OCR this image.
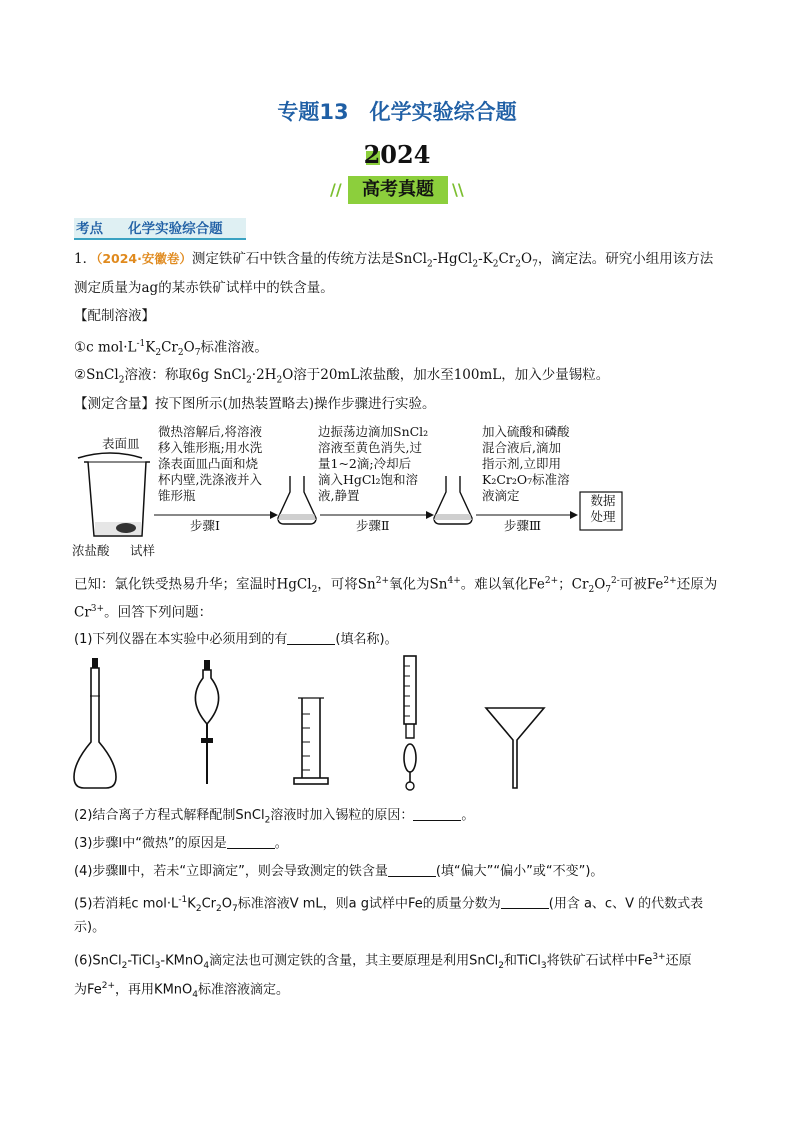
专题13　化学实验综合题
2024
//	高考真题	\\
考点 化学实验综合题
1．（2024·安徽卷）测定铁矿石中铁含量的传统方法是$SnCl_2-HgCl_2-K_2Cr_2O_7$，滴定法。研究小组用该方法
测定质量为ag的某赤铁矿试样中的铁含量。
【配制溶液】
①c $mol\cdot L^{-1}K_2Cr_2O_7$标准溶液。
②SnCl$_2$溶液：称取6g $SnCl_2\cdot 2H_2O$溶于20mL浓盐酸，加水至100mL，加入少量锡粒。
【测定含量】按下图所示(加热装置略去)操作步骤进行实验。
表面皿
浓盐酸 试样
微热溶解后,将溶液
移入锥形瓶;用水洗
涤表面皿凸面和烧
杯内壁,洗涤液并入
锥形瓶
步骤Ⅰ
边振荡边滴加SnCl₂
溶液至黄色消失,过
量1~2滴;冷却后
滴入HgCl₂饱和溶
液,静置
步骤Ⅱ
加入硫酸和磷酸
混合液后,滴加
指示剂,立即用
K₂Cr₂O₇标准溶
液滴定
步骤Ⅲ
数据
处理
已知：氯化铁受热易升华；室温时HgCl$_2$，可将$Sn^{2+}$氧化为$Sn^{4+}$。难以氧化$Fe^{2+}$；$Cr_2O_7^{2-}$可被$Fe^{2+}$还原为
$Cr^{3+}$。回答下列问题：
(1)下列仪器在本实验中必须用到的有	(填名称)。
(2)结合离子方程式解释配制SnCl$_2$溶液时加入锡粒的原因：	。
(3)步骤Ⅰ中“微热”的原因是	。
(4)步骤Ⅲ中，若未“立即滴定”，则会导致测定的铁含量	(填“偏大”“偏小”或“不变”)。
(5)若消耗c $mol\cdot L^{-1}K_2Cr_2O_7$标准溶液V mL，则a g试样中Fe的质量分数为	(用含 a、c、V 的代数式表
示)。
(6)SnCl$_2$-TiCl$_3$-KMnO$_4$滴定法也可测定铁的含量，其主要原理是利用SnCl$_2$和TiCl$_3$将铁矿石试样中$Fe^{3+}$还原
为$Fe^{2+}$，再用KMnO$_4$标准溶液滴定。
